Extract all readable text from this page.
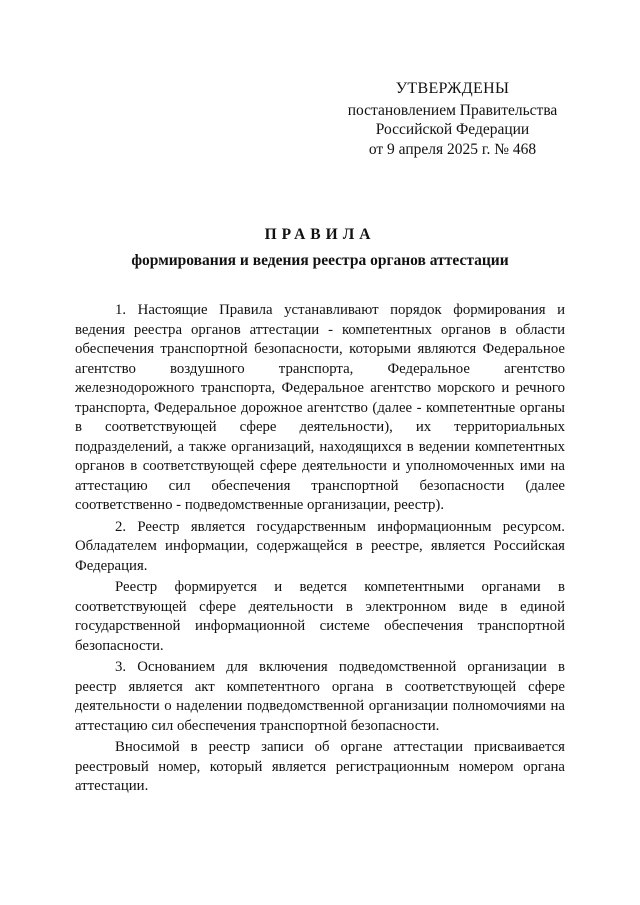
УТВЕРЖДЕНЫ
постановлением Правительства
Российской Федерации
от 9 апреля 2025 г. № 468
ПРАВИЛА
формирования и ведения реестра органов аттестации

1. Настоящие Правила устанавливают порядок формирования и ведения реестра органов аттестации - компетентных органов в области обеспечения транспортной безопасности, которыми являются Федеральное агентство воздушного транспорта, Федеральное агентство железнодорожного транспорта, Федеральное агентство морского и речного транспорта, Федеральное дорожное агентство (далее - компетентные органы в соответствующей сфере деятельности), их территориальных подразделений, а также организаций, находящихся в ведении компетентных органов в соответствующей сфере деятельности и уполномоченных ими на аттестацию сил обеспечения транспортной безопасности (далее соответственно - подведомственные организации, реестр).

2. Реестр является государственным информационным ресурсом. Обладателем информации, содержащейся в реестре, является Российская Федерация.

Реестр формируется и ведется компетентными органами в соответствующей сфере деятельности в электронном виде в единой государственной информационной системе обеспечения транспортной безопасности.

3. Основанием для включения подведомственной организации в реестр является акт компетентного органа в соответствующей сфере деятельности о наделении подведомственной организации полномочиями на аттестацию сил обеспечения транспортной безопасности.

Вносимой в реестр записи об органе аттестации присваивается реестровый номер, который является регистрационным номером органа аттестации.
